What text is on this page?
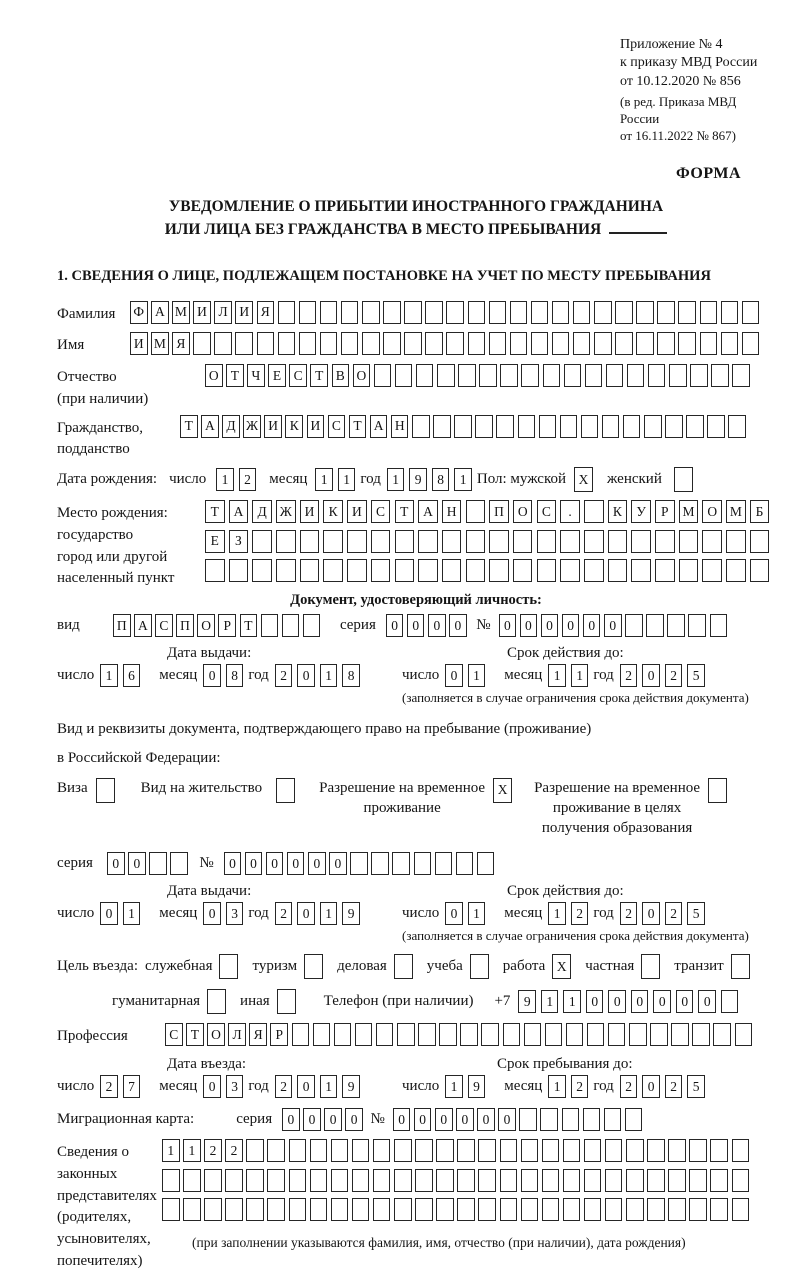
Приложение № 4
к приказу МВД России
от 10.12.2020 № 856
(в ред. Приказа МВД России
от 16.11.2022 № 867)
ФОРМА
УВЕДОМЛЕНИЕ О ПРИБЫТИИ ИНОСТРАННОГО ГРАЖДАНИНА
ИЛИ ЛИЦА БЕЗ ГРАЖДАНСТВА В МЕСТО ПРЕБЫВАНИЯ
1. СВЕДЕНИЯ О ЛИЦЕ, ПОДЛЕЖАЩЕМ ПОСТАНОВКЕ НА УЧЕТ ПО МЕСТУ ПРЕБЫВАНИЯ
Фамилия	Ф А М И Л И Я
Имя	И М Я
Отчество
(при наличии)
О Т Ч Е С Т В О
Гражданство,
подданство
Т А Д Ж И К И С Т А Н
Дата рождения: число	1	2	месяц 1	1 год 1	9	8	1 Пол: мужской X	женский
Место рождения:
государство
город или другой
населенный пункт
Т	А	Д Ж И	К	И	С	Т	А	Н	П	О	С	.	К	У	Р	М О М	Б
Е	З
Документ, удостоверяющий личность:
вид	П А С П О Р Т	серия	0	0	0	0 № 0	0	0	0	0	0
Дата выдачи:
число 1	6	месяц 0	8 год 2	0	1	8
Срок действия до:
число 0	1	месяц 1	1 год 2	0	2	5
(заполняется в случае ограничения срока действия документа)
Вид и реквизиты документа, подтверждающего право на пребывание (проживание)
в Российской Федерации:
Виза	Вид на жительство	Разрешение на временное
проживание
X	Разрешение на временное
проживание в целях
получения образования
серия	0	0	№	0	0	0	0	0	0
Дата выдачи:
число 0	1	месяц 0	3 год 2	0	1	9
Срок действия до:
число 0	1	месяц 1	2 год 2	0	2	5
(заполняется в случае ограничения срока действия документа)
Цель въезда: служебная	туризм	деловая	учеба	работа X	частная	транзит
гуманитарная	иная	Телефон (при наличии) +7 9	1	1	0	0	0	0	0	0
Профессия	С Т О Л Я Р
Дата въезда:
число 2	7	месяц 0	3 год 2	0	1	9
Срок пребывания до:
число 1	9	месяц 1	2 год 2	0	2	5
Миграционная карта:	серия	0	0	0	0 № 0	0	0	0	0	0
Сведения о
законных
представителях
(родителях,
усыновителях,
попечителях)
1	1	2	2
(при заполнении указываются фамилия, имя, отчество (при наличии), дата рождения)
